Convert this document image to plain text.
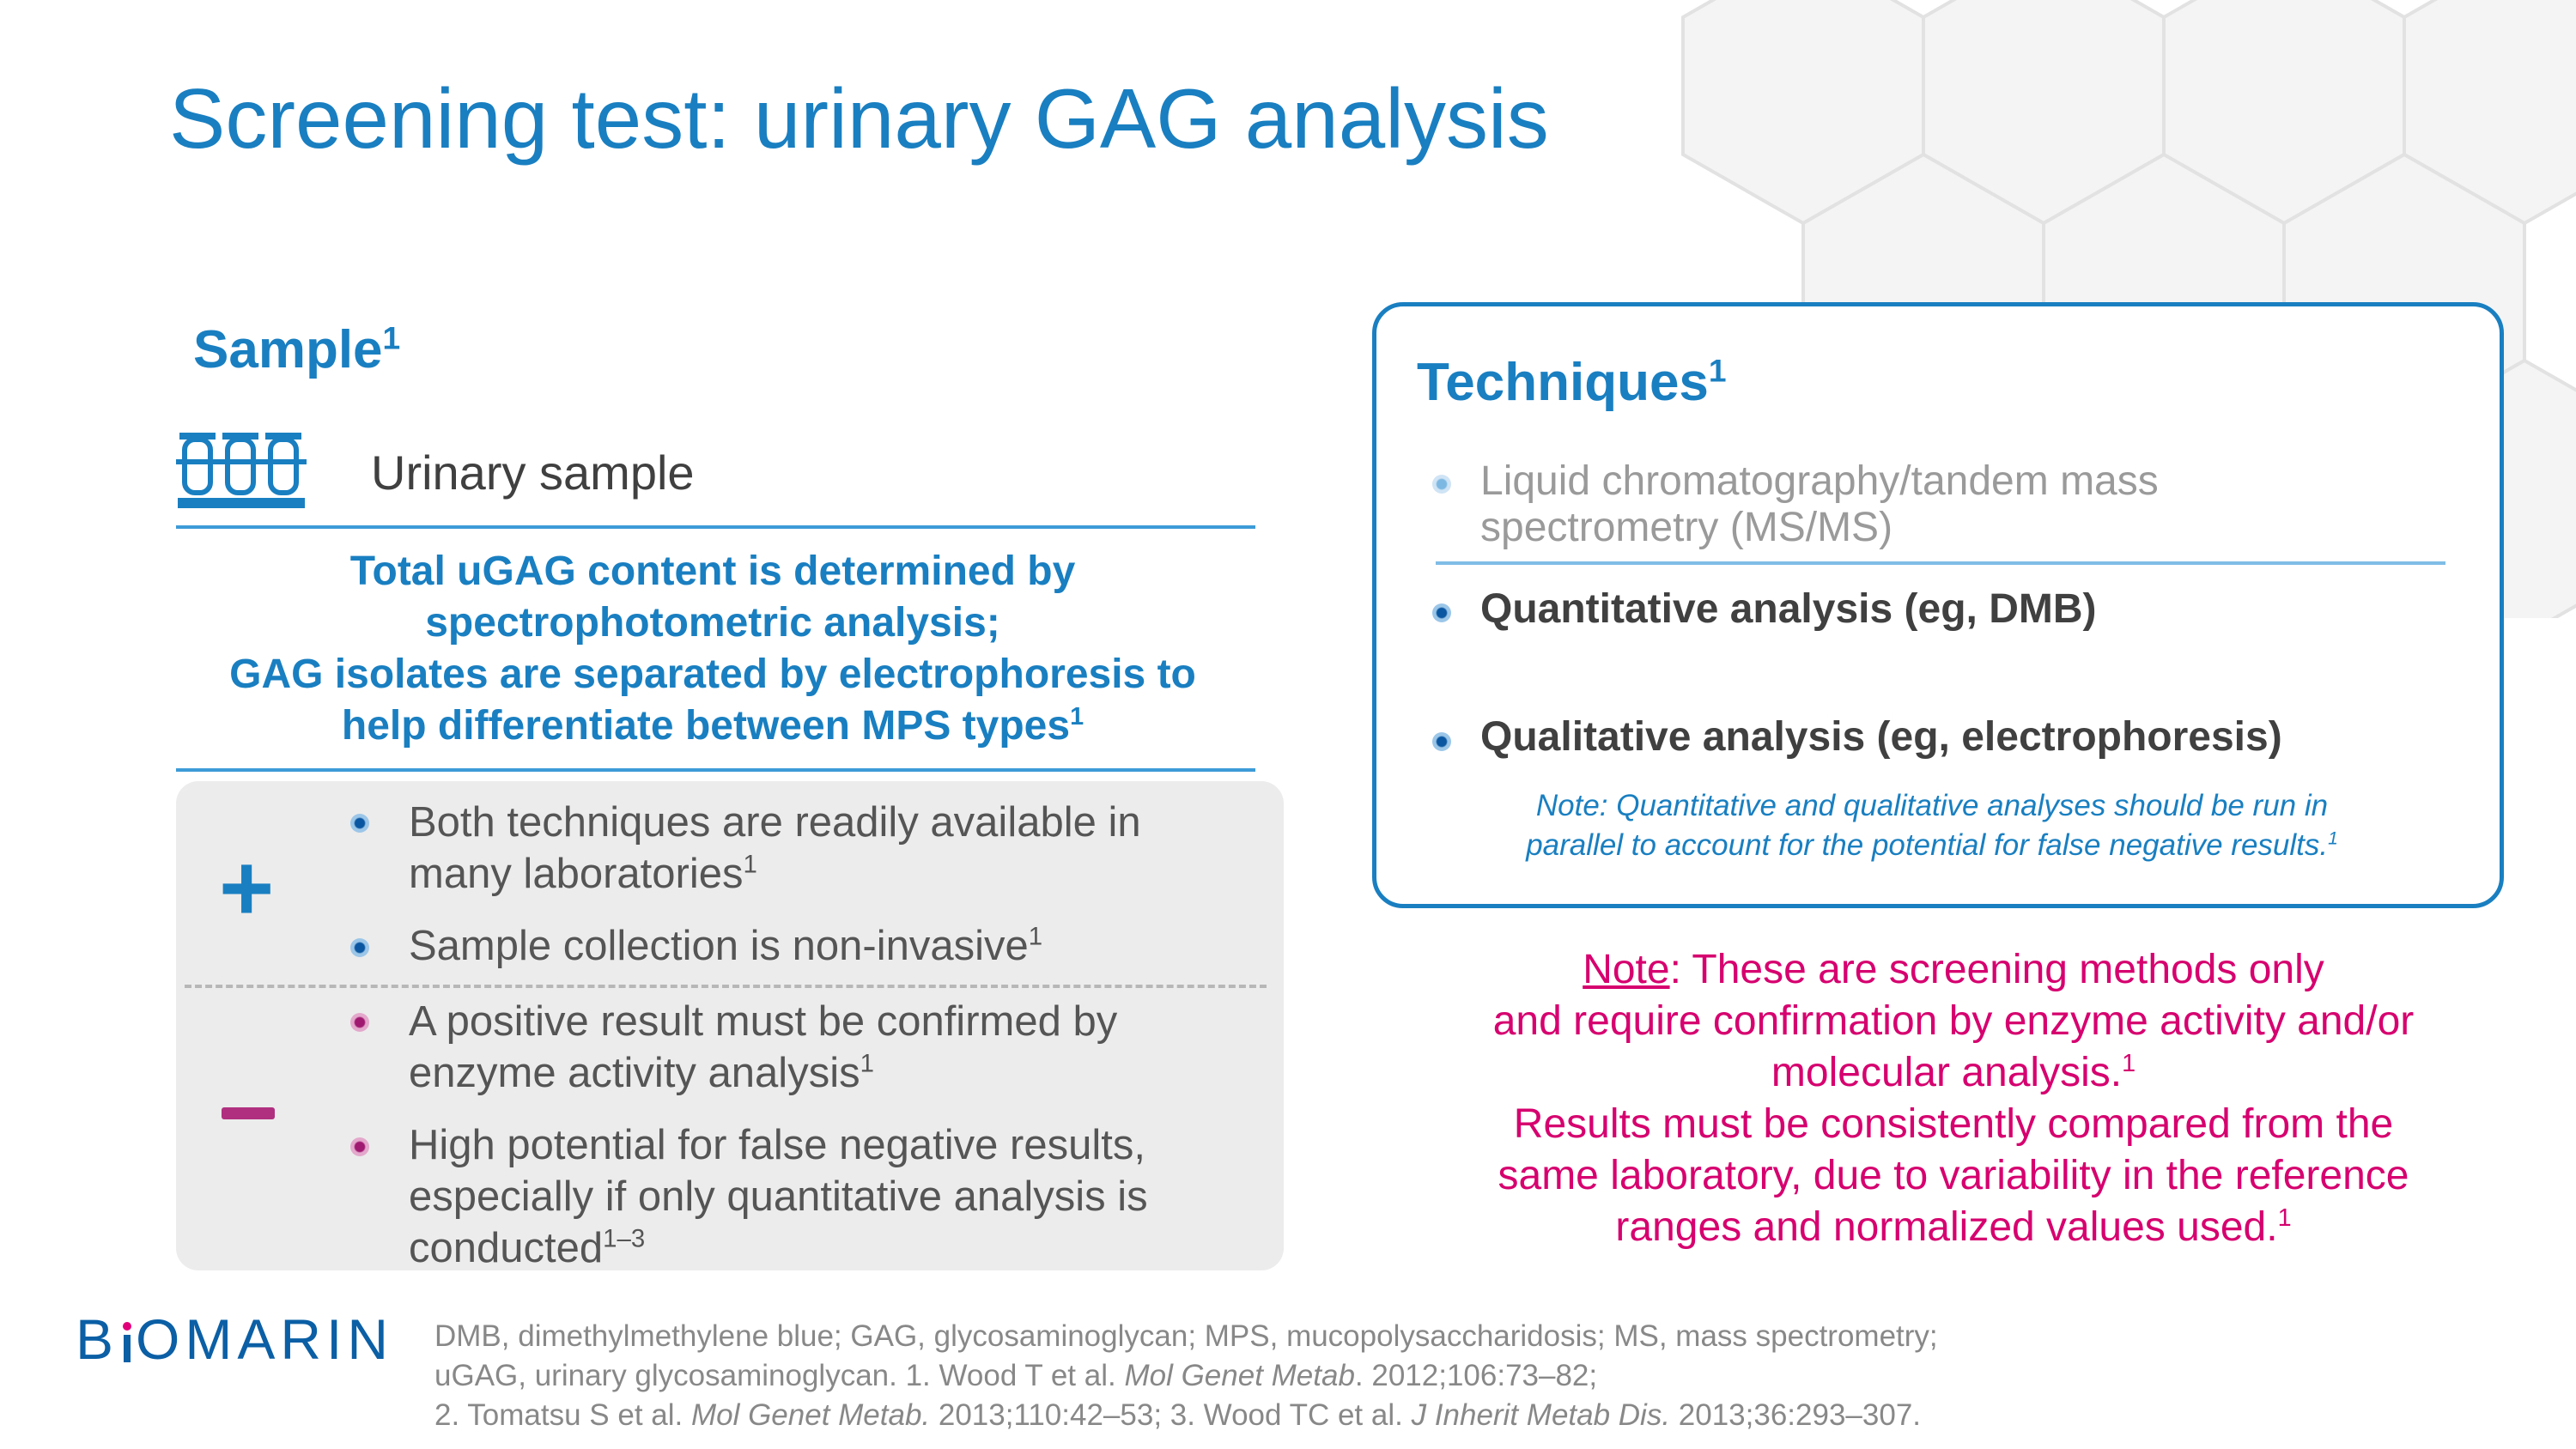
Screening test: urinary GAG analysis
Sample$^1$
Urinary sample
Total uGAG content is determined by
spectrophotometric analysis;
GAG isolates are separated by electrophoresis to
help differentiate between MPS types$^1$
+
Both techniques are readily available in
many laboratories$^1$
Sample collection is non-invasive$^1$
A positive result must be confirmed by
enzyme activity analysis$^1$
High potential for false negative results,
especially if only quantitative analysis is
conducted$^{1-3}$
Techniques$^1$
Liquid chromatography/tandem mass
spectrometry (MS/MS)
Quantitative analysis (eg, DMB)
Qualitative analysis (eg, electrophoresis)
Note: Quantitative and qualitative analyses should be run in
parallel to account for the potential for false negative results.$^1$
Note: These are screening methods only
and require confirmation by enzyme activity and/or
molecular analysis.$^1$
Results must be consistently compared from the
same laboratory, due to variability in the reference
ranges and normalized values used.$^1$
B OMARIN DMB, dimethylmethylene blue; GAG, glycosaminoglycan; MPS, mucopolysaccharidosis; MS, mass spectrometry;
uGAG, urinary glycosaminoglycan. 1. Wood T et al. Mol Genet Metab. 2012;106:73–82;
2. Tomatsu S et al. Mol Genet Metab. 2013;110:42–53; 3. Wood TC et al. J Inherit Metab Dis. 2013;36:293–307.
